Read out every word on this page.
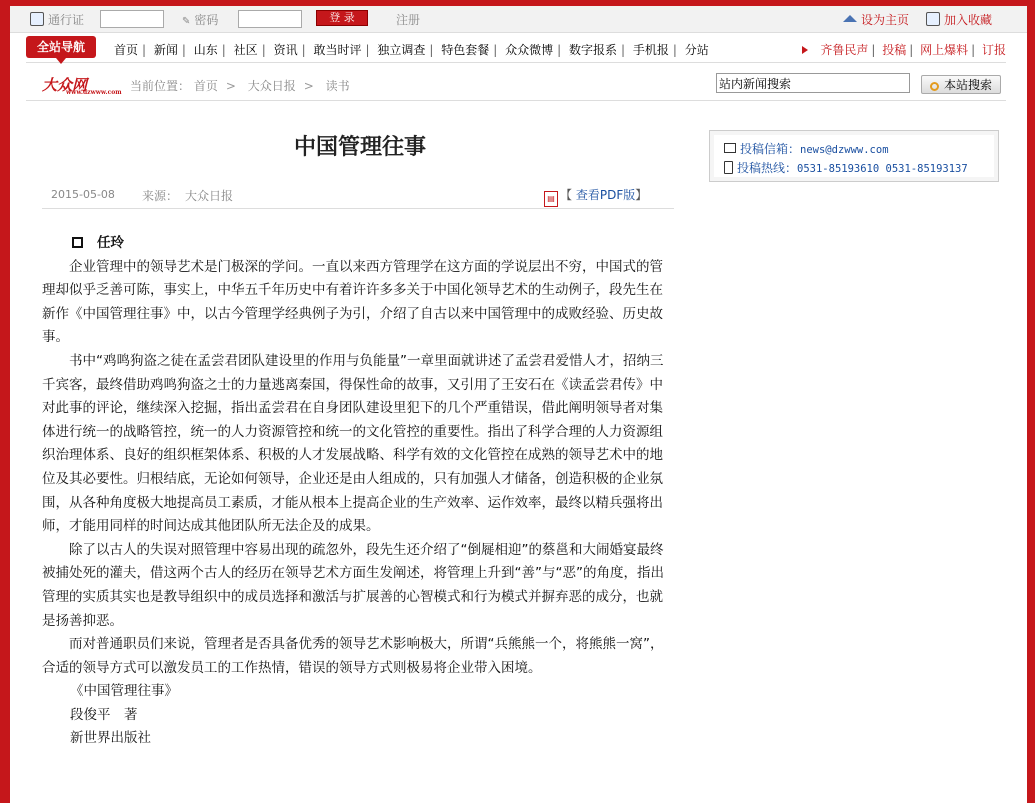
通行证	✎ 密码	登 录	注册	设为主页	加入收藏
全站导航	首页 | 新闻 | 山东 | 社区 | 资讯 | 敢当时评 | 独立调查 | 特色套餐 | 众众微博 | 数字报系 | 手机报 | 分站	齐鲁民声 | 投稿 | 网上爆料 | 订报
大众网
www.dzwww.com 当前位置： 首页 > 大众日报 > 读书	站内新闻搜索	本站搜索
中国管理往事
2015-05-08 来源： 大众日报	▤ 【 查看PDF版】

任玲

企业管理中的领导艺术是门极深的学问。一直以来西方管理学在这方面的学说层出不穷，中国式的管理却似乎乏善可陈，事实上，中华五千年历史中有着许许多多关于中国化领导艺术的生动例子，段先生在新作《中国管理往事》中，以古今管理学经典例子为引，介绍了自古以来中国管理中的成败经验、历史故事。

书中“鸡鸣狗盗之徒在孟尝君团队建设里的作用与负能量”一章里面就讲述了孟尝君爱惜人才，招纳三千宾客，最终借助鸡鸣狗盗之士的力量逃离秦国，得保性命的故事，又引用了王安石在《读孟尝君传》中对此事的评论，继续深入挖掘，指出孟尝君在自身团队建设里犯下的几个严重错误，借此阐明领导者对集体进行统一的战略管控，统一的人力资源管控和统一的文化管控的重要性。指出了科学合理的人力资源组织治理体系、良好的组织框架体系、积极的人才发展战略、科学有效的文化管控在成熟的领导艺术中的地位及其必要性。归根结底，无论如何领导，企业还是由人组成的，只有加强人才储备，创造积极的企业氛围，从各种角度极大地提高员工素质，才能从根本上提高企业的生产效率、运作效率，最终以精兵强将出师，才能用同样的时间达成其他团队所无法企及的成果。

除了以古人的失误对照管理中容易出现的疏忽外，段先生还介绍了“倒屣相迎”的蔡邕和大闹婚宴最终被捕处死的灌夫，借这两个古人的经历在领导艺术方面生发阐述，将管理上升到“善”与“恶”的角度，指出管理的实质其实也是教导组织中的成员选择和激活与扩展善的心智模式和行为模式并摒弃恶的成分，也就是扬善抑恶。

而对普通职员们来说，管理者是否具备优秀的领导艺术影响极大，所谓“兵熊熊一个，将熊熊一窝”，合适的领导方式可以激发员工的工作热情，错误的领导方式则极易将企业带入困境。

《中国管理往事》

段俊平　著

新世界出版社

投稿信箱：news@dzwww.com
投稿热线：0531-85193610 0531-85193137
